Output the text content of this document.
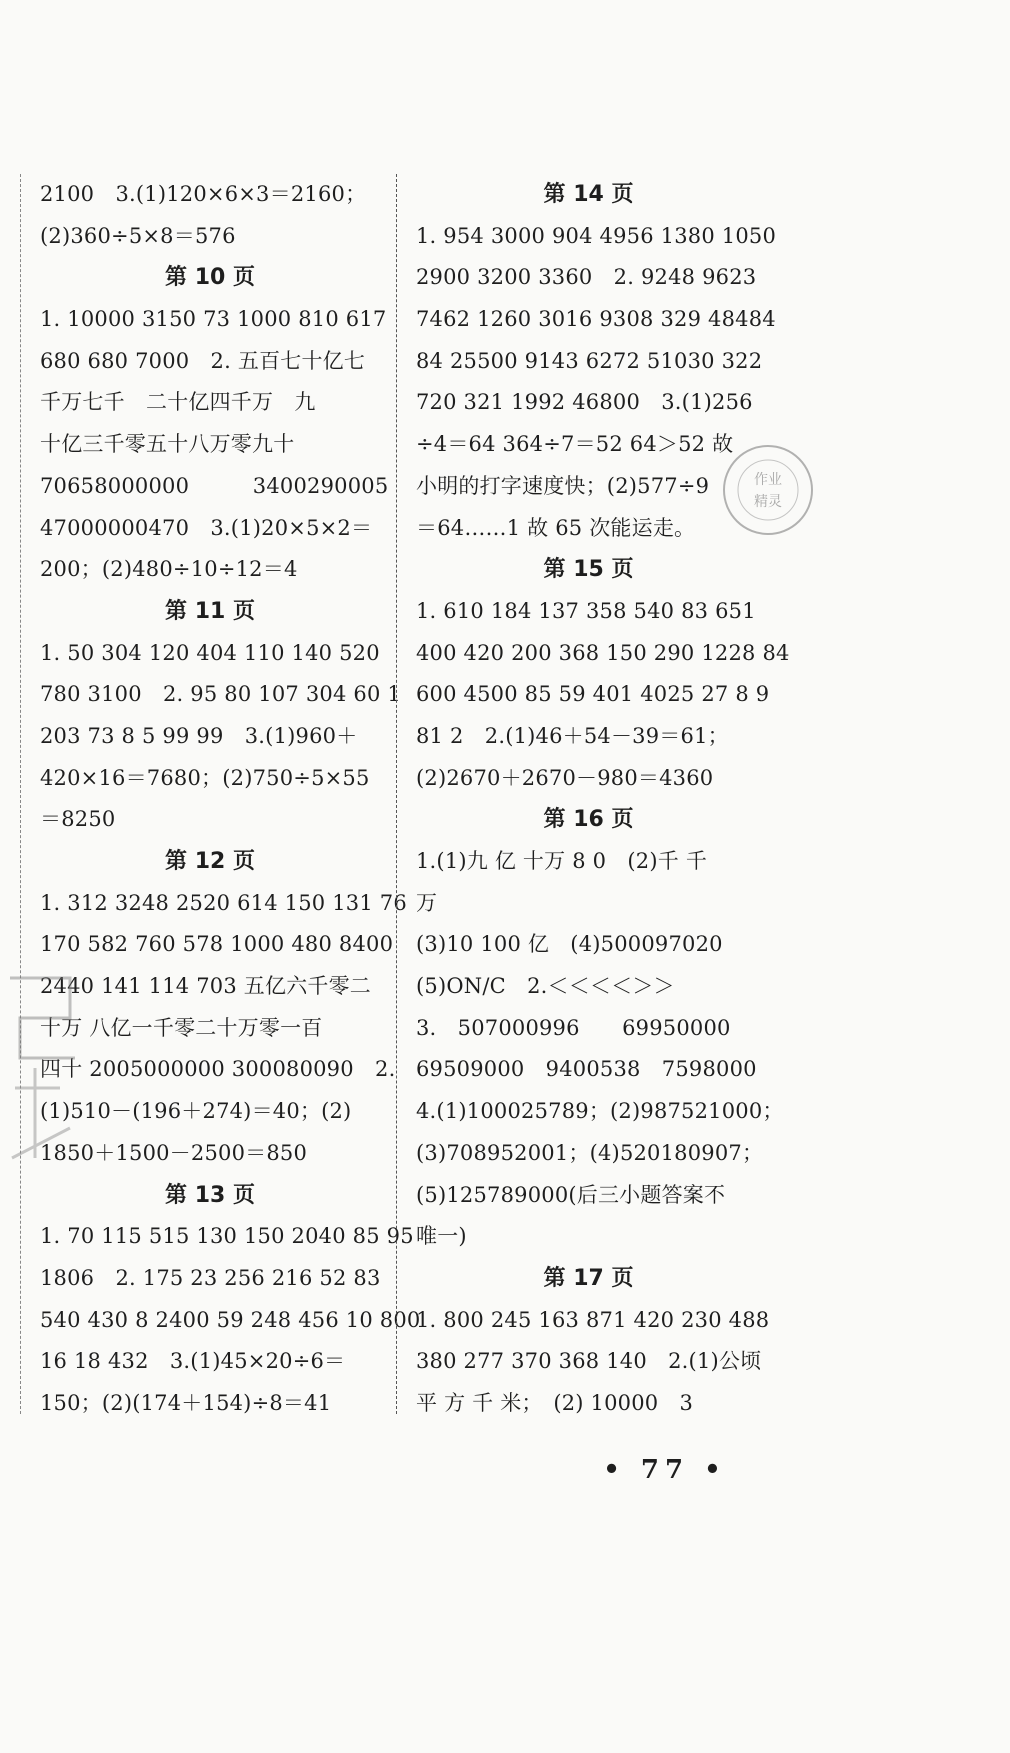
2100　3.(1)120×6×3＝2160；
(2)360÷5×8＝576
第 10 页
1. 10000 3150 73 1000 810 617
680 680 7000　2. 五百七十亿七
千万七千　二十亿四千万　九
十亿三千零五十八万零九十
70658000000　　　3400290005
47000000470　3.(1)20×5×2＝
200；(2)480÷10÷12＝4
第 11 页
1. 50 304 120 404 110 140 520
780 3100　2. 95 80 107 304 60 1
203 73 8 5 99 99　3.(1)960＋
420×16＝7680；(2)750÷5×55
＝8250
第 12 页
1. 312 3248 2520 614 150 131 76
170 582 760 578 1000 480 8400
2440 141 114 703 五亿六千零二
十万 八亿一千零二十万零一百
四十 2005000000 300080090　2.
(1)510－(196＋274)＝40；(2)
1850＋1500－2500＝850
第 13 页
1. 70 115 515 130 150 2040 85 95
1806　2. 175 23 256 216 52 83
540 430 8 2400 59 248 456 10 800
16 18 432　3.(1)45×20÷6＝
150；(2)(174＋154)÷8＝41
第 14 页
1. 954 3000 904 4956 1380 1050
2900 3200 3360　2. 9248 9623
7462 1260 3016 9308 329 48484
84 25500 9143 6272 51030 322
720 321 1992 46800　3.(1)256
÷4＝64 364÷7＝52 64＞52 故
小明的打字速度快；(2)577÷9
＝64……1 故 65 次能运走。
第 15 页
1. 610 184 137 358 540 83 651
400 420 200 368 150 290 1228 84
600 4500 85 59 401 4025 27 8 9
81 2　2.(1)46＋54－39＝61；
(2)2670＋2670－980＝4360
第 16 页
1.(1)九 亿 十万 8 0　(2)千 千
万
(3)10 100 亿　(4)500097020
(5)ON/C　2.＜＜＜＜＞＞
3.　507000996　　69950000
69509000　9400538　7598000
4.(1)100025789；(2)987521000；
(3)708952001；(4)520180907；
(5)125789000(后三小题答案不
唯一)
第 17 页
1. 800 245 163 871 420 230 488
380 277 370 368 140　2.(1)公顷
平 方 千 米；　(2) 10000　3
作业
精灵
• 77 •
